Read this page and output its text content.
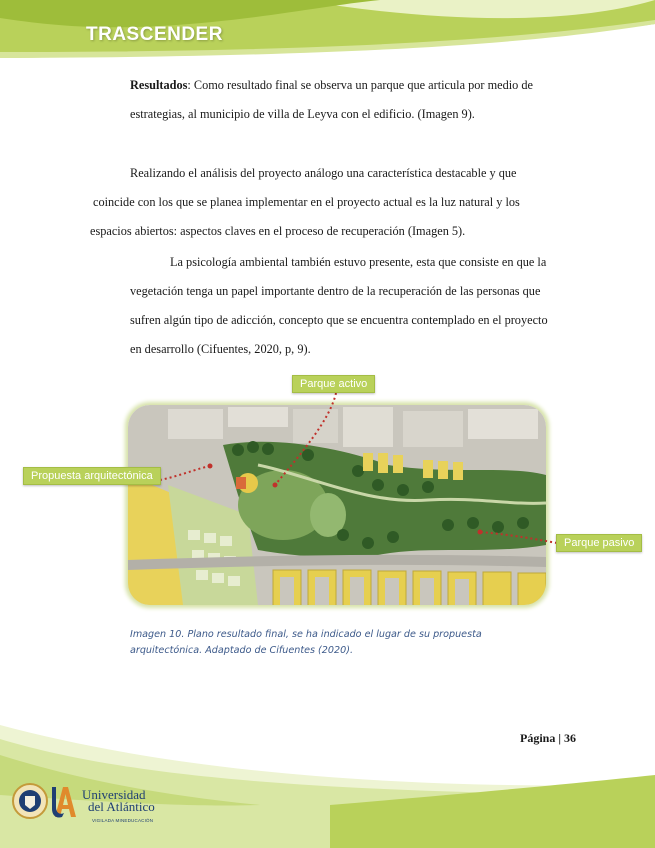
TRASCENDER

Resultados: Como resultado final se observa un parque que articula por medio de
estrategias, al municipio de villa de Leyva con el edificio. (Imagen 9).

Realizando el análisis del proyecto análogo una característica destacable y que
coincide con los que se planea implementar en el proyecto actual es la luz natural y los
espacios abiertos: aspectos claves en el proceso de recuperación (Imagen 5).

La psicología ambiental también estuvo presente, esta que consiste en que la
vegetación tenga un papel importante dentro de la recuperación de las personas que
sufren algún tipo de adicción, concepto que se encuentra contemplado en el proyecto
en desarrollo (Cifuentes, 2020, p, 9).

Parque activo
Propuesta arquitectónica
Parque pasivo
Imagen 10. Plano resultado final, se ha indicado el lugar de su propuesta
arquitectónica. Adaptado de Cifuentes (2020).
Página | 36
Universidad
del Atlántico
VIGILADA MINEDUCACIÓN
